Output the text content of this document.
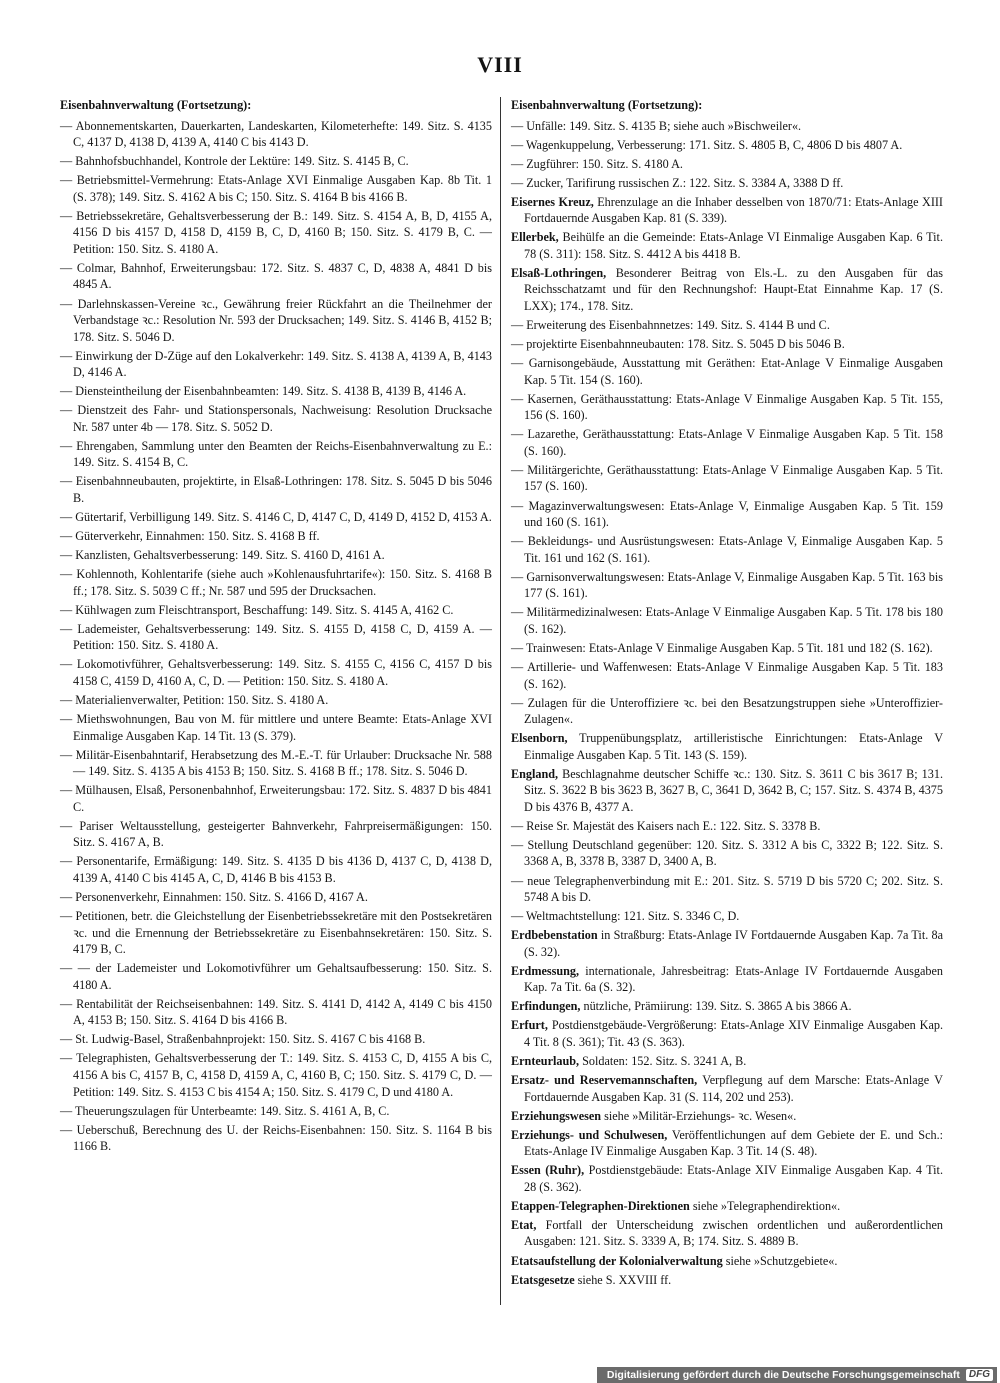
VIII
Eisenbahnverwaltung (Fortsetzung):
— Abonnementskarten, Dauerkarten, Landeskarten, Kilometerhefte: 149. Sitz. S. 4135 C, 4137 D, 4138 D, 4139 A, 4140 C bis 4143 D.
— Bahnhofsbuchhandel, Kontrole der Lektüre: 149. Sitz. S. 4145 B, C.
— Betriebsmittel-Vermehrung: Etats-Anlage XVI Einmalige Ausgaben Kap. 8b Tit. 1 (S. 378); 149. Sitz. S. 4162 A bis C; 150. Sitz. S. 4164 B bis 4166 B.
— Betriebssekretäre, Gehaltsverbesserung der B.: 149. Sitz. S. 4154 A, B, D, 4155 A, 4156 D bis 4157 D, 4158 D, 4159 B, C, D, 4160 B; 150. Sitz. S. 4179 B, C. — Petition: 150. Sitz. S. 4180 A.
— Colmar, Bahnhof, Erweiterungsbau: 172. Sitz. S. 4837 C, D, 4838 A, 4841 D bis 4845 A.
— Darlehnskassen-Vereine ꝛc., Gewährung freier Rückfahrt an die Theilnehmer der Verbandstage ꝛc.: Resolution Nr. 593 der Drucksachen; 149. Sitz. S. 4146 B, 4152 B; 178. Sitz. S. 5046 D.
— Einwirkung der D-Züge auf den Lokalverkehr: 149. Sitz. S. 4138 A, 4139 A, B, 4143 D, 4146 A.
— Diensteintheilung der Eisenbahnbeamten: 149. Sitz. S. 4138 B, 4139 B, 4146 A.
— Dienstzeit des Fahr- und Stationspersonals, Nachweisung: Resolution Drucksache Nr. 587 unter 4b — 178. Sitz. S. 5052 D.
— Ehrengaben, Sammlung unter den Beamten der Reichs-Eisenbahnverwaltung zu E.: 149. Sitz. S. 4154 B, C.
— Eisenbahnneubauten, projektirte, in Elsaß-Lothringen: 178. Sitz. S. 5045 D bis 5046 B.
— Gütertarif, Verbilligung 149. Sitz. S. 4146 C, D, 4147 C, D, 4149 D, 4152 D, 4153 A.
— Güterverkehr, Einnahmen: 150. Sitz. S. 4168 B ff.
— Kanzlisten, Gehaltsverbesserung: 149. Sitz. S. 4160 D, 4161 A.
— Kohlennoth, Kohlentarife (siehe auch »Kohlenausfuhrtarife«): 150. Sitz. S. 4168 B ff.; 178. Sitz. S. 5039 C ff.; Nr. 587 und 595 der Drucksachen.
— Kühlwagen zum Fleischtransport, Beschaffung: 149. Sitz. S. 4145 A, 4162 C.
— Lademeister, Gehaltsverbesserung: 149. Sitz. S. 4155 D, 4158 C, D, 4159 A. — Petition: 150. Sitz. S. 4180 A.
— Lokomotivführer, Gehaltsverbesserung: 149. Sitz. S. 4155 C, 4156 C, 4157 D bis 4158 C, 4159 D, 4160 A, C, D. — Petition: 150. Sitz. S. 4180 A.
— Materialienverwalter, Petition: 150. Sitz. S. 4180 A.
— Miethswohnungen, Bau von M. für mittlere und untere Beamte: Etats-Anlage XVI Einmalige Ausgaben Kap. 14 Tit. 13 (S. 379).
— Militär-Eisenbahntarif, Herabsetzung des M.-E.-T. für Urlauber: Drucksache Nr. 588 — 149. Sitz. S. 4135 A bis 4153 B; 150. Sitz. S. 4168 B ff.; 178. Sitz. S. 5046 D.
— Mülhausen, Elsaß, Personenbahnhof, Erweiterungsbau: 172. Sitz. S. 4837 D bis 4841 C.
— Pariser Weltausstellung, gesteigerter Bahnverkehr, Fahrpreisermäßigungen: 150. Sitz. S. 4167 A, B.
— Personentarife, Ermäßigung: 149. Sitz. S. 4135 D bis 4136 D, 4137 C, D, 4138 D, 4139 A, 4140 C bis 4145 A, C, D, 4146 B bis 4153 B.
— Personenverkehr, Einnahmen: 150. Sitz. S. 4166 D, 4167 A.
— Petitionen, betr. die Gleichstellung der Eisenbetriebssekretäre mit den Postsekretären ꝛc. und die Ernennung der Betriebssekretäre zu Eisenbahnsekretären: 150. Sitz. S. 4179 B, C.
— — der Lademeister und Lokomotivführer um Gehaltsaufbesserung: 150. Sitz. S. 4180 A.
— Rentabilität der Reichseisenbahnen: 149. Sitz. S. 4141 D, 4142 A, 4149 C bis 4150 A, 4153 B; 150. Sitz. S. 4164 D bis 4166 B.
— St. Ludwig-Basel, Straßenbahnprojekt: 150. Sitz. S. 4167 C bis 4168 B.
— Telegraphisten, Gehaltsverbesserung der T.: 149. Sitz. S. 4153 C, D, 4155 A bis C, 4156 A bis C, 4157 B, C, 4158 D, 4159 A, C, 4160 B, C; 150. Sitz. S. 4179 C, D. — Petition: 149. Sitz. S. 4153 C bis 4154 A; 150. Sitz. S. 4179 C, D und 4180 A.
— Theuerungszulagen für Unterbeamte: 149. Sitz. S. 4161 A, B, C.
— Ueberschuß, Berechnung des U. der Reichs-Eisenbahnen: 150. Sitz. S. 1164 B bis 1166 B.
Eisenbahnverwaltung (Fortsetzung):
— Unfälle: 149. Sitz. S. 4135 B; siehe auch »Bischweiler«.
— Wagenkuppelung, Verbesserung: 171. Sitz. S. 4805 B, C, 4806 D bis 4807 A.
— Zugführer: 150. Sitz. S. 4180 A.
— Zucker, Tarifirung russischen Z.: 122. Sitz. S. 3384 A, 3388 D ff.
Eisernes Kreuz, Ehrenzulage an die Inhaber desselben von 1870/71: Etats-Anlage XIII Fortdauernde Ausgaben Kap. 81 (S. 339).
Ellerbek, Beihülfe an die Gemeinde: Etats-Anlage VI Einmalige Ausgaben Kap. 6 Tit. 78 (S. 311): 158. Sitz. S. 4412 A bis 4418 B.
Elsaß-Lothringen, Besonderer Beitrag von Els.-L. zu den Ausgaben für das Reichsschatzamt und für den Rechnungshof: Haupt-Etat Einnahme Kap. 17 (S. LXX); 174., 178. Sitz.
— Erweiterung des Eisenbahnnetzes: 149. Sitz. S. 4144 B und C.
— projektirte Eisenbahnneubauten: 178. Sitz. S. 5045 D bis 5046 B.
— Garnisongebäude, Ausstattung mit Geräthen: Etat-Anlage V Einmalige Ausgaben Kap. 5 Tit. 154 (S. 160).
— Kasernen, Geräthausstattung: Etats-Anlage V Einmalige Ausgaben Kap. 5 Tit. 155, 156 (S. 160).
— Lazarethe, Geräthausstattung: Etats-Anlage V Einmalige Ausgaben Kap. 5 Tit. 158 (S. 160).
— Militärgerichte, Geräthausstattung: Etats-Anlage V Einmalige Ausgaben Kap. 5 Tit. 157 (S. 160).
— Magazinverwaltungswesen: Etats-Anlage V, Einmalige Ausgaben Kap. 5 Tit. 159 und 160 (S. 161).
— Bekleidungs- und Ausrüstungswesen: Etats-Anlage V, Einmalige Ausgaben Kap. 5 Tit. 161 und 162 (S. 161).
— Garnisonverwaltungswesen: Etats-Anlage V, Einmalige Ausgaben Kap. 5 Tit. 163 bis 177 (S. 161).
— Militärmedizinalwesen: Etats-Anlage V Einmalige Ausgaben Kap. 5 Tit. 178 bis 180 (S. 162).
— Trainwesen: Etats-Anlage V Einmalige Ausgaben Kap. 5 Tit. 181 und 182 (S. 162).
— Artillerie- und Waffenwesen: Etats-Anlage V Einmalige Ausgaben Kap. 5 Tit. 183 (S. 162).
— Zulagen für die Unteroffiziere ꝛc. bei den Besatzungstruppen siehe »Unteroffizier-Zulagen«.
Elsenborn, Truppenübungsplatz, artilleristische Einrichtungen: Etats-Anlage V Einmalige Ausgaben Kap. 5 Tit. 143 (S. 159).
England, Beschlagnahme deutscher Schiffe ꝛc.: 130. Sitz. S. 3611 C bis 3617 B; 131. Sitz. S. 3622 B bis 3623 B, 3627 B, C, 3641 D, 3642 B, C; 157. Sitz. S. 4374 B, 4375 D bis 4376 B, 4377 A.
— Reise Sr. Majestät des Kaisers nach E.: 122. Sitz. S. 3378 B.
— Stellung Deutschland gegenüber: 120. Sitz. S. 3312 A bis C, 3322 B; 122. Sitz. S. 3368 A, B, 3378 B, 3387 D, 3400 A, B.
— neue Telegraphenverbindung mit E.: 201. Sitz. S. 5719 D bis 5720 C; 202. Sitz. S. 5748 A bis D.
— Weltmachtstellung: 121. Sitz. S. 3346 C, D.
Erdbebenstation in Straßburg: Etats-Anlage IV Fortdauernde Ausgaben Kap. 7a Tit. 8a (S. 32).
Erdmessung, internationale, Jahresbeitrag: Etats-Anlage IV Fortdauernde Ausgaben Kap. 7a Tit. 6a (S. 32).
Erfindungen, nützliche, Prämiirung: 139. Sitz. S. 3865 A bis 3866 A.
Erfurt, Postdienstgebäude-Vergrößerung: Etats-Anlage XIV Einmalige Ausgaben Kap. 4 Tit. 8 (S. 361); Tit. 43 (S. 363).
Ernteurlaub, Soldaten: 152. Sitz. S. 3241 A, B.
Ersatz- und Reservemannschaften, Verpflegung auf dem Marsche: Etats-Anlage V Fortdauernde Ausgaben Kap. 31 (S. 114, 202 und 253).
Erziehungswesen siehe »Militär-Erziehungs- ꝛc. Wesen«.
Erziehungs- und Schulwesen, Veröffentlichungen auf dem Gebiete der E. und Sch.: Etats-Anlage IV Einmalige Ausgaben Kap. 3 Tit. 14 (S. 48).
Essen (Ruhr), Postdienstgebäude: Etats-Anlage XIV Einmalige Ausgaben Kap. 4 Tit. 28 (S. 362).
Etappen-Telegraphen-Direktionen siehe »Telegraphendirektion«.
Etat, Fortfall der Unterscheidung zwischen ordentlichen und außerordentlichen Ausgaben: 121. Sitz. S. 3339 A, B; 174. Sitz. S. 4889 B.
Etatsaufstellung der Kolonialverwaltung siehe »Schutzgebiete«.
Etatsgesetze siehe S. XXVIII ff.
Digitalisierung gefördert durch die Deutsche Forschungsgemeinschaft DFG
